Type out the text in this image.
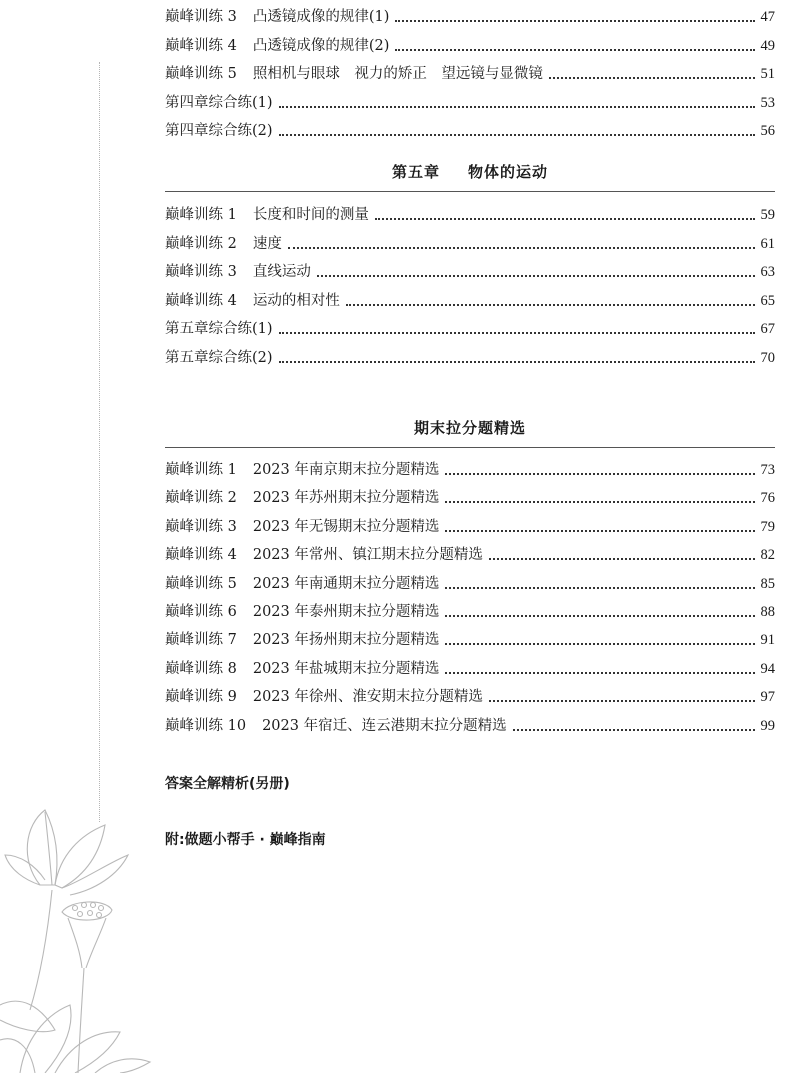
巅峰训练 3 凸透镜成像的规律(1)	47
巅峰训练 4 凸透镜成像的规律(2)	49
巅峰训练 5 照相机与眼球　视力的矫正　望远镜与显微镜	51
第四章综合练(1)	53
第四章综合练(2)	56
第五章 物体的运动
巅峰训练 1 长度和时间的测量	59
巅峰训练 2 速度	61
巅峰训练 3 直线运动	63
巅峰训练 4 运动的相对性	65
第五章综合练(1)	67
第五章综合练(2)	70
期末拉分题精选
巅峰训练 1 2023 年南京期末拉分题精选	73
巅峰训练 2 2023 年苏州期末拉分题精选	76
巅峰训练 3 2023 年无锡期末拉分题精选	79
巅峰训练 4 2023 年常州、镇江期末拉分题精选	82
巅峰训练 5 2023 年南通期末拉分题精选	85
巅峰训练 6 2023 年泰州期末拉分题精选	88
巅峰训练 7 2023 年扬州期末拉分题精选	91
巅峰训练 8 2023 年盐城期末拉分题精选	94
巅峰训练 9 2023 年徐州、淮安期末拉分题精选	97
巅峰训练 10 2023 年宿迁、连云港期末拉分题精选	99
答案全解精析(另册)
附:做题小帮手 · 巅峰指南
